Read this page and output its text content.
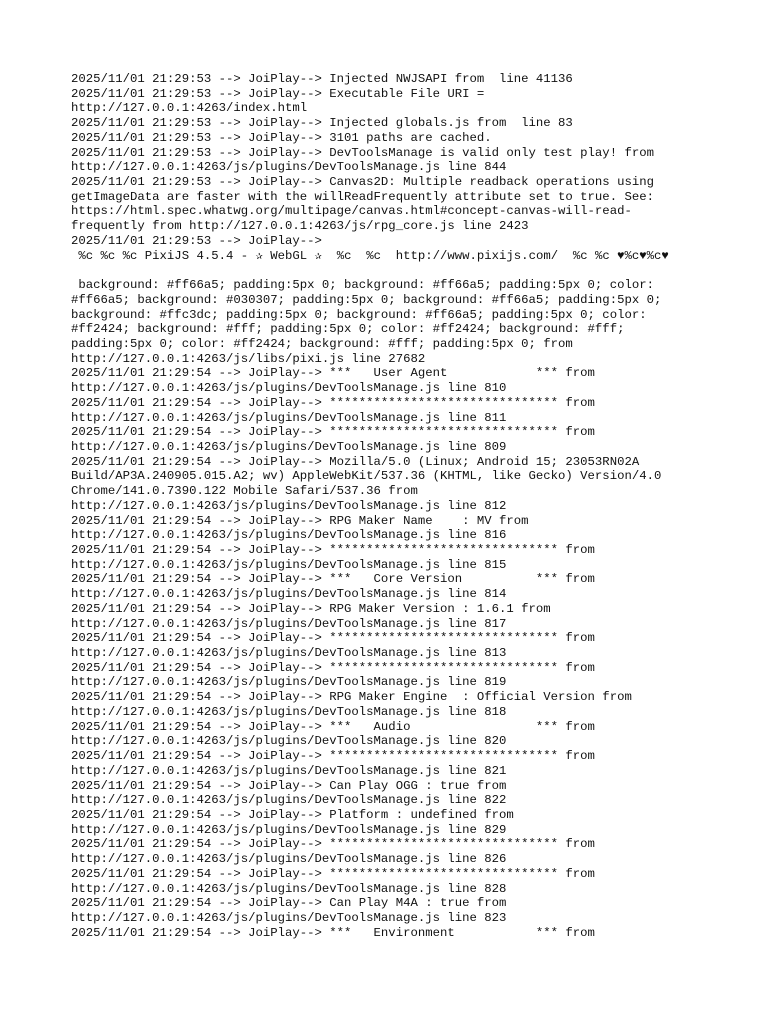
2025/11/01 21:29:53 --> JoiPlay--> Injected NWJSAPI from  line 41136
2025/11/01 21:29:53 --> JoiPlay--> Executable File URI =
http://127.0.0.1:4263/index.html
2025/11/01 21:29:53 --> JoiPlay--> Injected globals.js from  line 83
2025/11/01 21:29:53 --> JoiPlay--> 3101 paths are cached.
2025/11/01 21:29:53 --> JoiPlay--> DevToolsManage is valid only test play! from
http://127.0.0.1:4263/js/plugins/DevToolsManage.js line 844
2025/11/01 21:29:53 --> JoiPlay--> Canvas2D: Multiple readback operations using
getImageData are faster with the willReadFrequently attribute set to true. See:
https://html.spec.whatwg.org/multipage/canvas.html#concept-canvas-will-read-
frequently from http://127.0.0.1:4263/js/rpg_core.js line 2423
2025/11/01 21:29:53 --> JoiPlay-->
%c %c %c PixiJS 4.5.4 - ✰ WebGL ✰  %c  %c  http://www.pixijs.com/  %c %c ♥%c♥%c♥
background: #ff66a5; padding:5px 0; background: #ff66a5; padding:5px 0; color:
#ff66a5; background: #030307; padding:5px 0; background: #ff66a5; padding:5px 0;
background: #ffc3dc; padding:5px 0; background: #ff66a5; padding:5px 0; color:
#ff2424; background: #fff; padding:5px 0; color: #ff2424; background: #fff;
padding:5px 0; color: #ff2424; background: #fff; padding:5px 0; from
http://127.0.0.1:4263/js/libs/pixi.js line 27682
2025/11/01 21:29:54 --> JoiPlay--> ***   User Agent            *** from
http://127.0.0.1:4263/js/plugins/DevToolsManage.js line 810
2025/11/01 21:29:54 --> JoiPlay--> ******************************* from
http://127.0.0.1:4263/js/plugins/DevToolsManage.js line 811
2025/11/01 21:29:54 --> JoiPlay--> ******************************* from
http://127.0.0.1:4263/js/plugins/DevToolsManage.js line 809
2025/11/01 21:29:54 --> JoiPlay--> Mozilla/5.0 (Linux; Android 15; 23053RN02A
Build/AP3A.240905.015.A2; wv) AppleWebKit/537.36 (KHTML, like Gecko) Version/4.0
Chrome/141.0.7390.122 Mobile Safari/537.36 from
http://127.0.0.1:4263/js/plugins/DevToolsManage.js line 812
2025/11/01 21:29:54 --> JoiPlay--> RPG Maker Name    : MV from
http://127.0.0.1:4263/js/plugins/DevToolsManage.js line 816
2025/11/01 21:29:54 --> JoiPlay--> ******************************* from
http://127.0.0.1:4263/js/plugins/DevToolsManage.js line 815
2025/11/01 21:29:54 --> JoiPlay--> ***   Core Version          *** from
http://127.0.0.1:4263/js/plugins/DevToolsManage.js line 814
2025/11/01 21:29:54 --> JoiPlay--> RPG Maker Version : 1.6.1 from
http://127.0.0.1:4263/js/plugins/DevToolsManage.js line 817
2025/11/01 21:29:54 --> JoiPlay--> ******************************* from
http://127.0.0.1:4263/js/plugins/DevToolsManage.js line 813
2025/11/01 21:29:54 --> JoiPlay--> ******************************* from
http://127.0.0.1:4263/js/plugins/DevToolsManage.js line 819
2025/11/01 21:29:54 --> JoiPlay--> RPG Maker Engine  : Official Version from
http://127.0.0.1:4263/js/plugins/DevToolsManage.js line 818
2025/11/01 21:29:54 --> JoiPlay--> ***   Audio                 *** from
http://127.0.0.1:4263/js/plugins/DevToolsManage.js line 820
2025/11/01 21:29:54 --> JoiPlay--> ******************************* from
http://127.0.0.1:4263/js/plugins/DevToolsManage.js line 821
2025/11/01 21:29:54 --> JoiPlay--> Can Play OGG : true from
http://127.0.0.1:4263/js/plugins/DevToolsManage.js line 822
2025/11/01 21:29:54 --> JoiPlay--> Platform : undefined from
http://127.0.0.1:4263/js/plugins/DevToolsManage.js line 829
2025/11/01 21:29:54 --> JoiPlay--> ******************************* from
http://127.0.0.1:4263/js/plugins/DevToolsManage.js line 826
2025/11/01 21:29:54 --> JoiPlay--> ******************************* from
http://127.0.0.1:4263/js/plugins/DevToolsManage.js line 828
2025/11/01 21:29:54 --> JoiPlay--> Can Play M4A : true from
http://127.0.0.1:4263/js/plugins/DevToolsManage.js line 823
2025/11/01 21:29:54 --> JoiPlay--> ***   Environment           *** from
